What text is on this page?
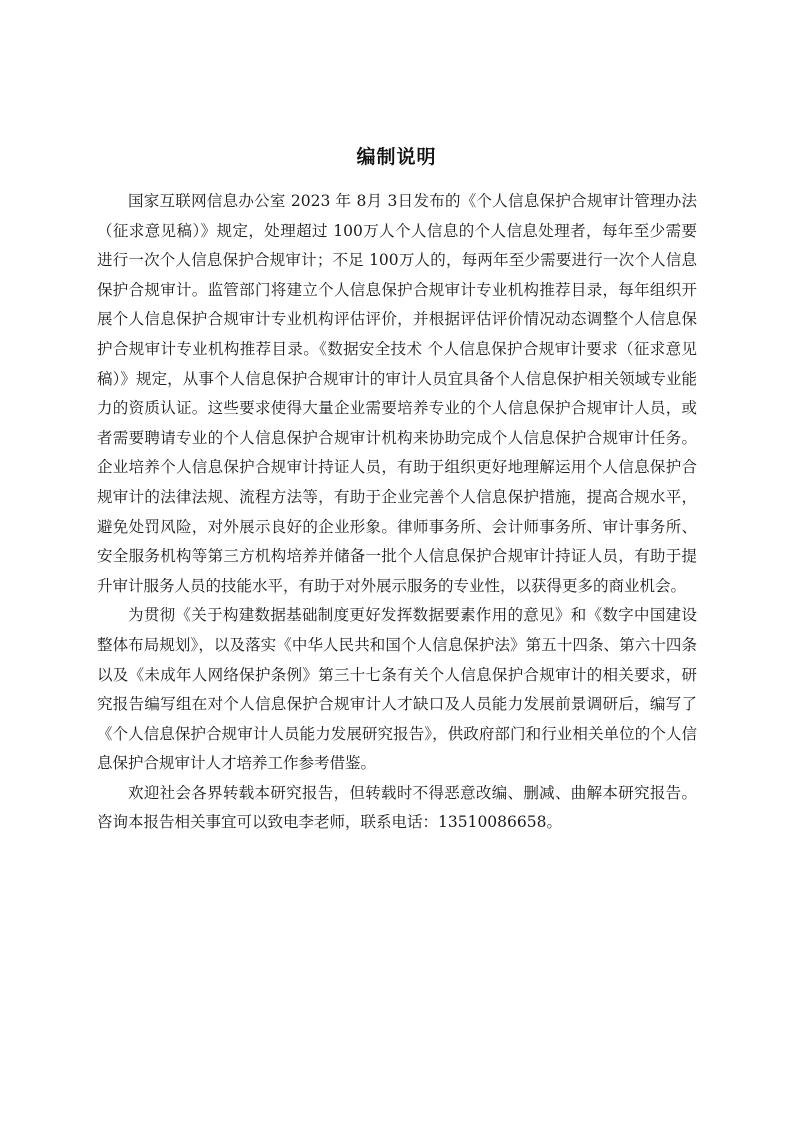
编制说明

国家互联网信息办公室 2023 年 8月 3日发布的《个人信息保护合规审计管理办法（征求意见稿）》规定，处理超过 100万人个人信息的个人信息处理者，每年至少需要进行一次个人信息保护合规审计；不足 100万人的，每两年至少需要进行一次个人信息保护合规审计。监管部门将建立个人信息保护合规审计专业机构推荐目录，每年组织开展个人信息保护合规审计专业机构评估评价，并根据评估评价情况动态调整个人信息保护合规审计专业机构推荐目录。《数据安全技术 个人信息保护合规审计要求（征求意见稿）》规定，从事个人信息保护合规审计的审计人员宜具备个人信息保护相关领域专业能力的资质认证。这些要求使得大量企业需要培养专业的个人信息保护合规审计人员，或者需要聘请专业的个人信息保护合规审计机构来协助完成个人信息保护合规审计任务。企业培养个人信息保护合规审计持证人员，有助于组织更好地理解运用个人信息保护合规审计的法律法规、流程方法等，有助于企业完善个人信息保护措施，提高合规水平，避免处罚风险，对外展示良好的企业形象。律师事务所、会计师事务所、审计事务所、安全服务机构等第三方机构培养并储备一批个人信息保护合规审计持证人员，有助于提升审计服务人员的技能水平，有助于对外展示服务的专业性，以获得更多的商业机会。

为贯彻《关于构建数据基础制度更好发挥数据要素作用的意见》和《数字中国建设整体布局规划》，以及落实《中华人民共和国个人信息保护法》第五十四条、第六十四条以及《未成年人网络保护条例》第三十七条有关个人信息保护合规审计的相关要求，研究报告编写组在对个人信息保护合规审计人才缺口及人员能力发展前景调研后，编写了《个人信息保护合规审计人员能力发展研究报告》，供政府部门和行业相关单位的个人信息保护合规审计人才培养工作参考借鉴。

欢迎社会各界转载本研究报告，但转载时不得恶意改编、删减、曲解本研究报告。咨询本报告相关事宜可以致电李老师，联系电话：13510086658。
